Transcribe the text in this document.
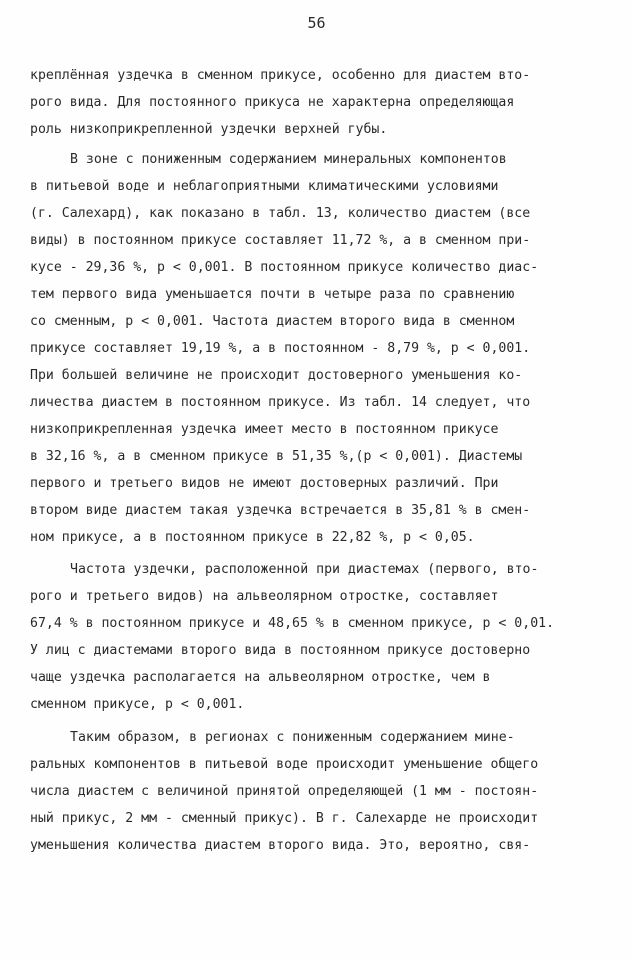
56
креплённая уздечка в сменном прикусе, особенно для диастем вто-
рого вида. Для постоянного прикуса не характерна определяющая
роль низкоприкрепленной уздечки верхней губы.
В зоне с пониженным содержанием минеральных компонентов
в питьевой воде и неблагоприятными климатическими условиями
(г. Салехард), как показано в табл. 13, количество диастем (все
виды) в постоянном прикусе составляет 11,72 %, а в сменном при-
кусе - 29,36 %, р < 0,001. В постоянном прикусе количество диас-
тем первого вида уменьшается почти в четыре раза по сравнению
со сменным, р < 0,001. Частота диастем второго вида в сменном
прикусе составляет 19,19 %, а в постоянном - 8,79 %, р < 0,001.
При большей величине не происходит достоверного уменьшения ко-
личества диастем в постоянном прикусе. Из табл. 14 следует, что
низкоприкрепленная уздечка имеет место в постоянном прикусе
в 32,16 %, а в сменном прикусе в 51,35 %,(р < 0,001). Диастемы
первого и третьего видов не имеют достоверных различий. При
втором виде диастем такая уздечка встречается в 35,81 % в смен-
ном прикусе, а в постоянном прикусе в 22,82 %, р < 0,05.
Частота уздечки, расположенной при диастемах (первого, вто-
рого и третьего видов) на альвеолярном отростке, составляет
67,4 % в постоянном прикусе и 48,65 % в сменном прикусе, р < 0,01.
У лиц с диастемами второго вида в постоянном прикусе достоверно
чаще уздечка располагается на альвеолярном отростке, чем в
сменном прикусе, р < 0,001.
Таким образом, в регионах с пониженным содержанием мине-
ральных компонентов в питьевой воде происходит уменьшение общего
числа диастем с величиной принятой определяющей (1 мм - постоян-
ный прикус, 2 мм - сменный прикус). В г. Салехарде не происходит
уменьшения количества диастем второго вида. Это, вероятно, свя-
